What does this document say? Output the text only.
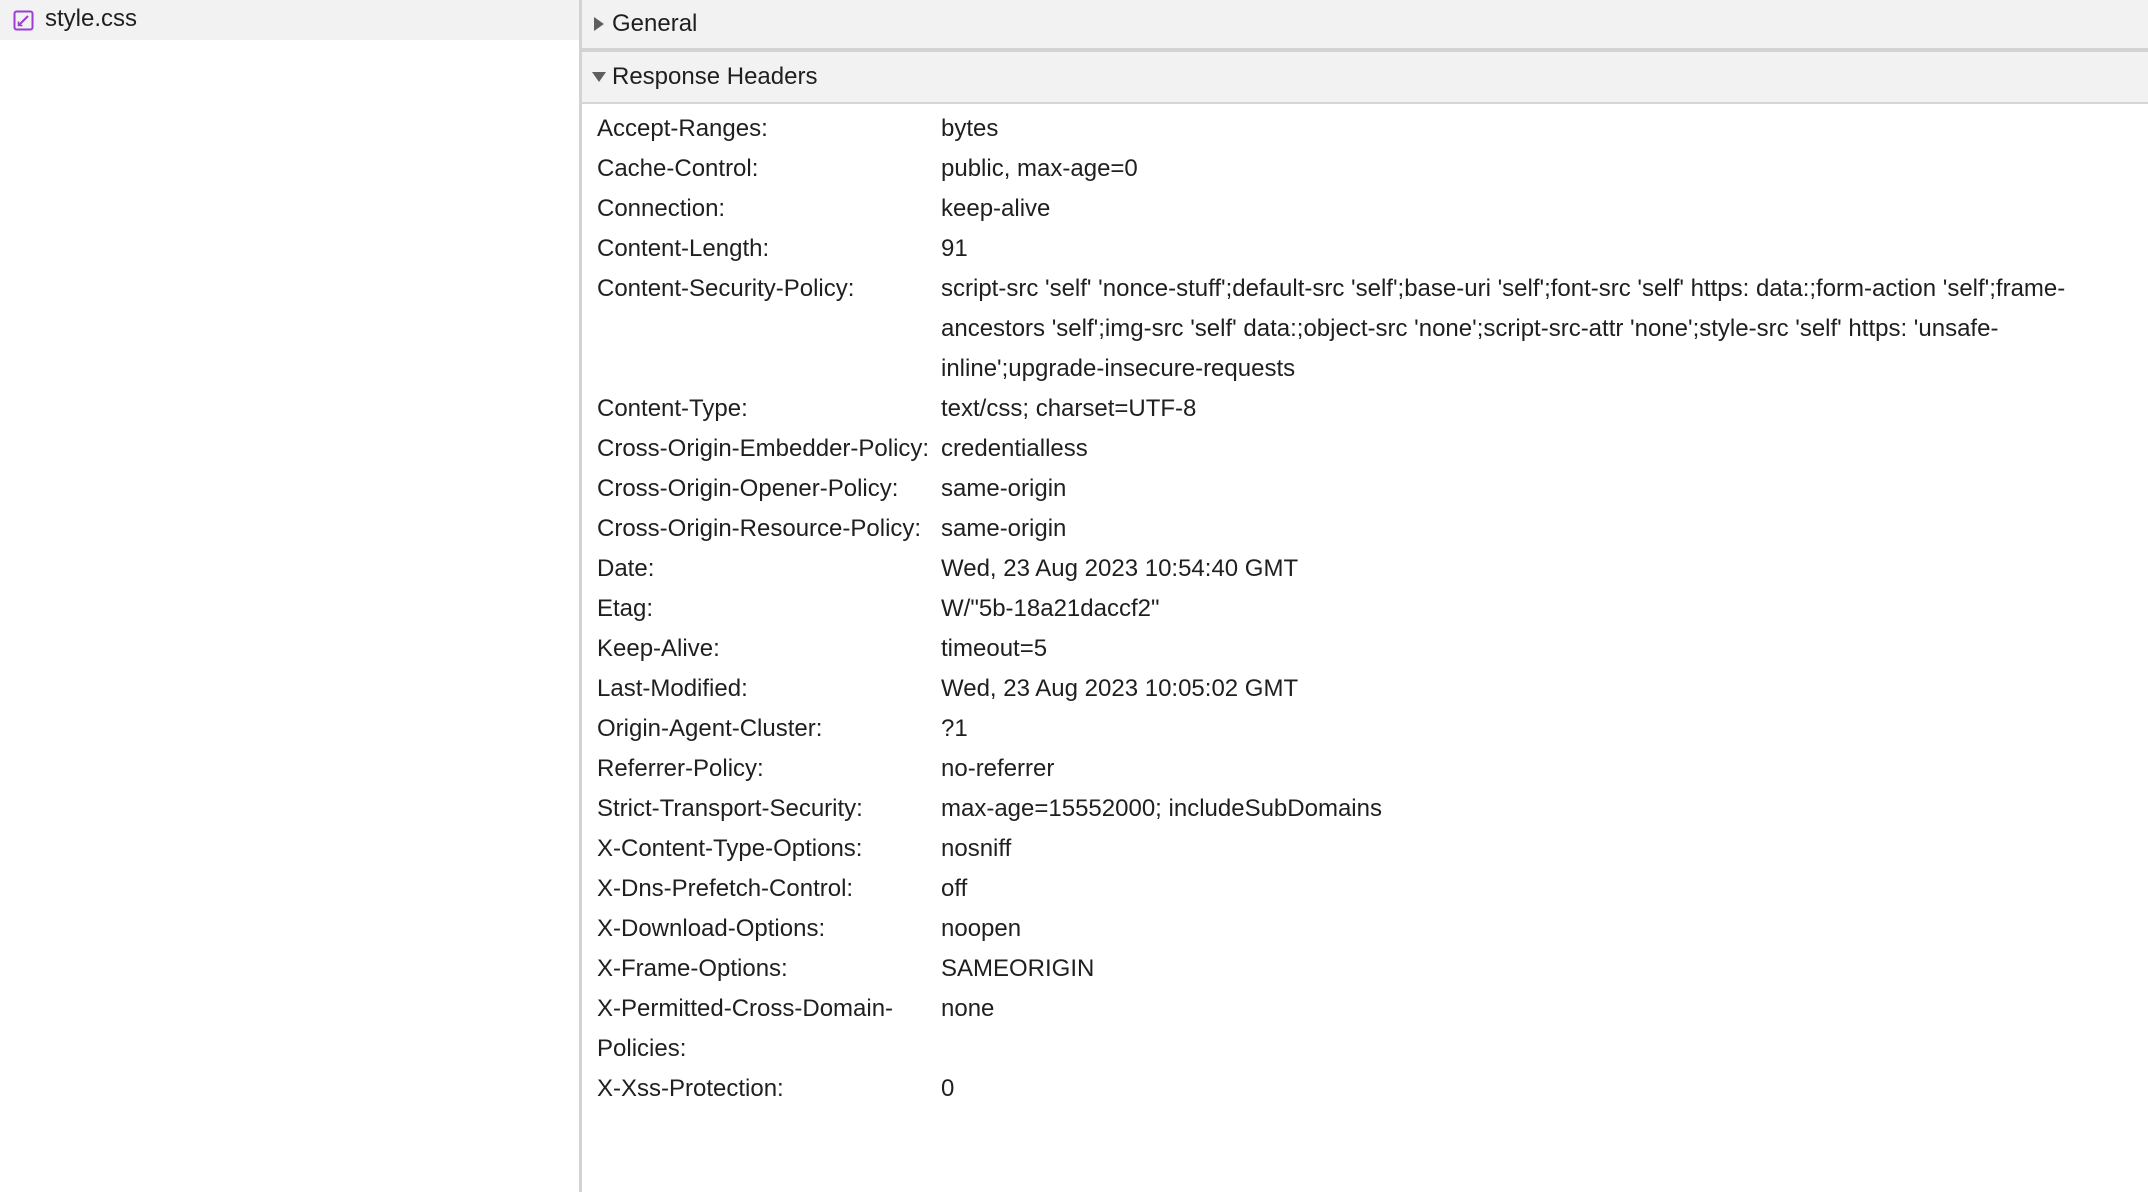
style.css	General
Response Headers
Accept-Ranges:	bytes
Cache-Control:	public, max-age=0
Connection:	keep-alive
Content-Length:	91
Content-Security-Policy:	script-src 'self' 'nonce-stuff';default-src 'self';base-uri 'self';font-src 'self' https: data:;form-action 'self';frame-ancestors 'self';img-src 'self' data:;object-src 'none';script-src-attr 'none';style-src 'self' https: 'unsafe-inline';upgrade-insecure-requests
Content-Type:	text/css; charset=UTF-8
Cross-Origin-Embedder-Policy: credentialless
Cross-Origin-Opener-Policy:	same-origin
Cross-Origin-Resource-Policy: same-origin
Date:	Wed, 23 Aug 2023 10:54:40 GMT
Etag:	W/"5b-18a21daccf2"
Keep-Alive:	timeout=5
Last-Modified:	Wed, 23 Aug 2023 10:05:02 GMT
Origin-Agent-Cluster:	?1
Referrer-Policy:	no-referrer
Strict-Transport-Security:	max-age=15552000; includeSubDomains
X-Content-Type-Options:	nosniff
X-Dns-Prefetch-Control:	off
X-Download-Options:	noopen
X-Frame-Options:	SAMEORIGIN
X-Permitted-Cross-Domain-Policies:
none
X-Xss-Protection:	0
